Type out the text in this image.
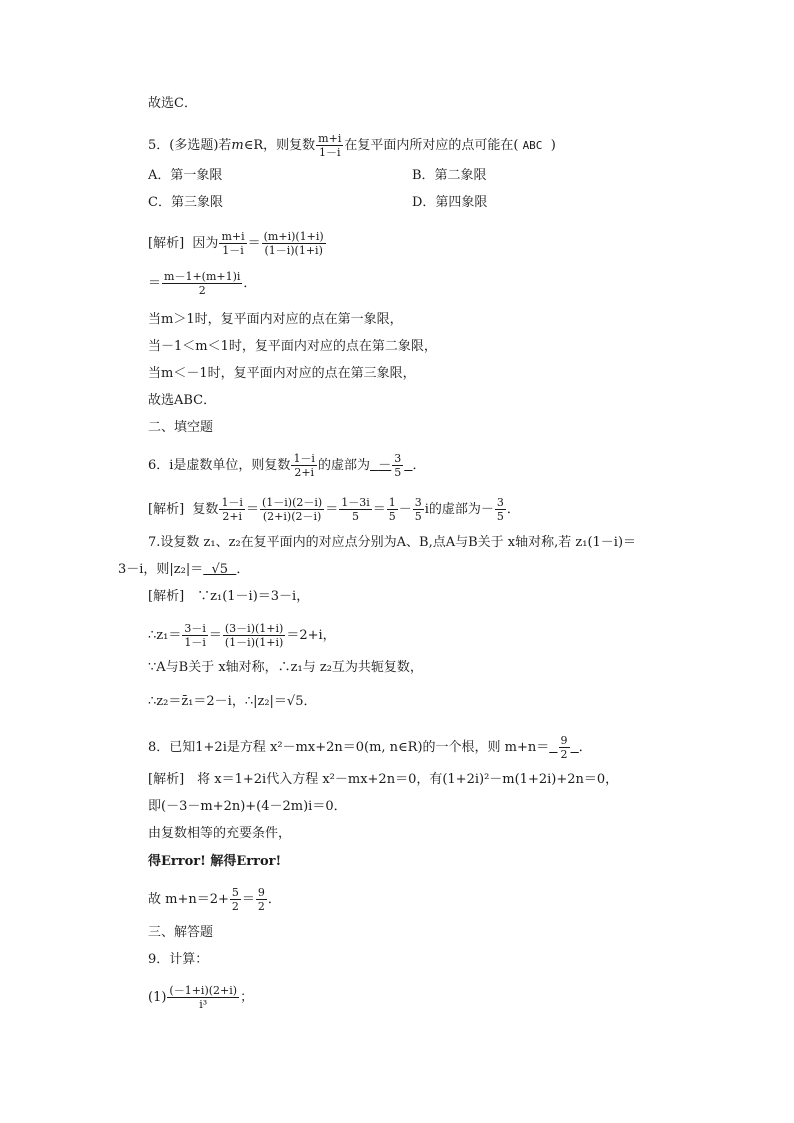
故选C．
5．(多选题)若m∈R，则复数 $\frac{m+i}{1-i}$ 在复平面内所对应的点可能在( ABC )
A．第一象限	B．第二象限
C．第三象限	D．第四象限
[解析] 因为 $\frac{m+i}{1-i} = \frac{(m+i)(1+i)}{(1-i)(1+i)}$
＝ $\frac{m-1+(m+1)i}{2}$ ．
当m＞1时，复平面内对应的点在第一象限，
当－1＜m＜1时，复平面内对应的点在第二象限，
当m＜－1时，复平面内对应的点在第三象限，
故选ABC．
二、填空题
6．i是虚数单位，则复数 $\frac{1-i}{2+i}$ 的虚部为 － $\frac{3}{5}$ ．
[解析] 复数 $\frac{1-i}{2+i} = \frac{(1-i)(2-i)}{(2+i)(2-i)} = \frac{1-3i}{5} = \frac{1}{5} - \frac{3}{5}$ i的虚部为－ $\frac{3}{5}$ ．
7.设复数 z₁、z₂在复平面内的对应点分别为A、B,点A与B关于 x轴对称,若 z₁(1－i)＝
3－i，则|z₂|＝ √5 ．
[解析]　∵z₁(1－i)＝3－i，
∴z₁＝ $\frac{3-i}{1-i} = \frac{(3-i)(1+i)}{(1-i)(1+i)} =2+i$，
∵A与B关于 x轴对称，∴z₁与 z₂互为共轭复数，
∴z₂＝z̄₁＝2－i，∴|z₂|＝√5．
8．已知1+2i是方程 x²－mx+2n＝0(m, n∈R)的一个根，则 $m+n= \frac{9}{2}$ ．
[解析]　将 x＝1+2i代入方程 x²－mx+2n＝0，有(1+2i)²－m(1+2i)+2n＝0，
即(－3－m+2n)+(4－2m)i＝0．
由复数相等的充要条件，
得Error! 解得Error!
故 $m+n=2+ \frac{5}{2} = \frac{9}{2}$ ．
三、解答题
9．计算：
$(1) \frac{(-1+i)(2+i)}{\text{i³}}$ ；
